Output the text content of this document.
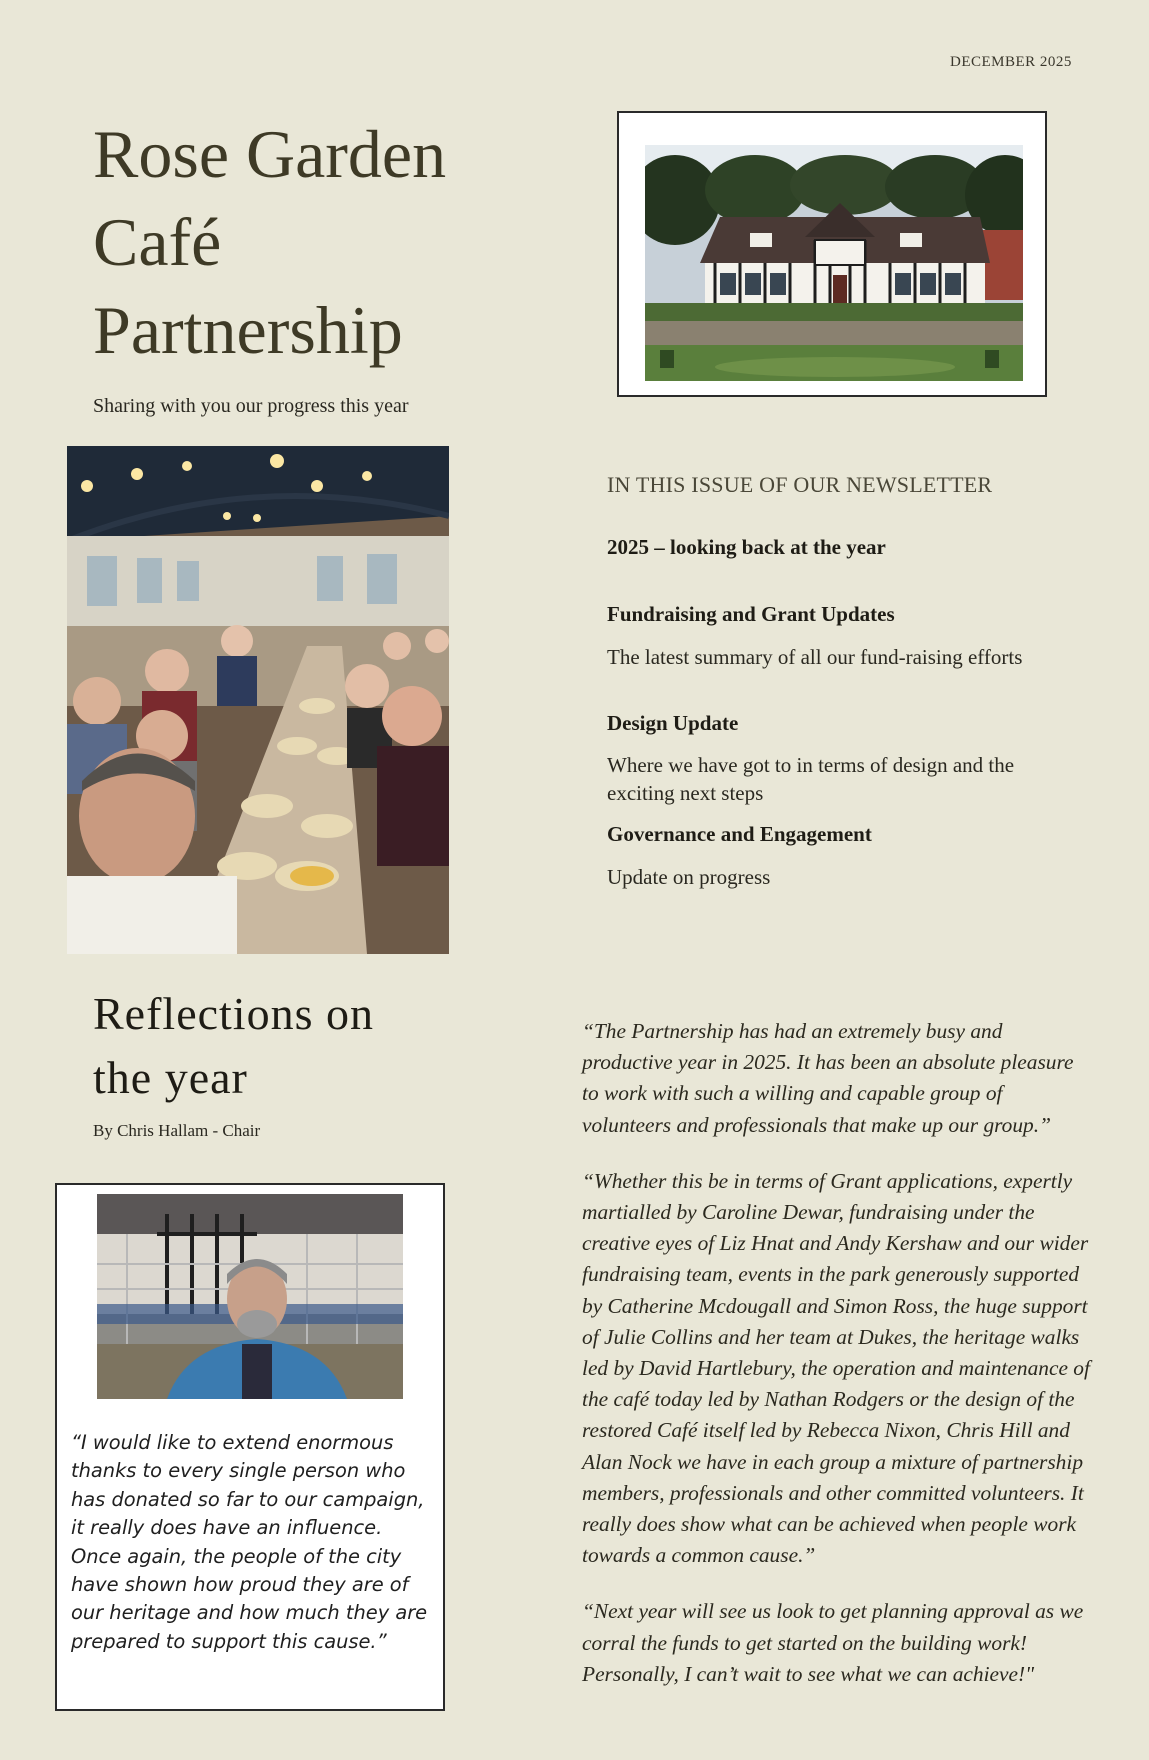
DECEMBER 2025
Rose Garden
Café
Partnership
Sharing with you our progress this year
IN THIS ISSUE OF OUR NEWSLETTER
2025 – looking back at the year
Fundraising and Grant Updates
The latest summary of all our fund-raising efforts
Design Update
Where we have got to in terms of design and the exciting next steps
Governance and Engagement
Update on progress
Reflections on
the year
By Chris Hallam - Chair
“I would like to extend enormous thanks to every single person who has donated so far to our campaign, it really does have an influence. Once again, the people of the city have shown how proud they are of our heritage and how much they are prepared to support this cause.”

“The Partnership has had an extremely busy and productive year in 2025. It has been an absolute pleasure to work with such a willing and capable group of volunteers and professionals that make up our group.”

“Whether this be in terms of Grant applications, expertly martialled by Caroline Dewar, fundraising under the creative eyes of Liz Hnat and Andy Kershaw and our wider fundraising team, events in the park generously supported by Catherine Mcdougall and Simon Ross, the huge support of Julie Collins and her team at Dukes, the heritage walks led by David Hartlebury, the operation and maintenance of the café today led by Nathan Rodgers or the design of the restored Café itself led by Rebecca Nixon, Chris Hill and Alan Nock we have in each group a mixture of partnership members, professionals and other committed volunteers. It really does show what can be achieved when people work towards a common cause.”

“Next year will see us look to get planning approval as we corral the funds to get started on the building work! Personally, I can’t wait to see what we can achieve!"
